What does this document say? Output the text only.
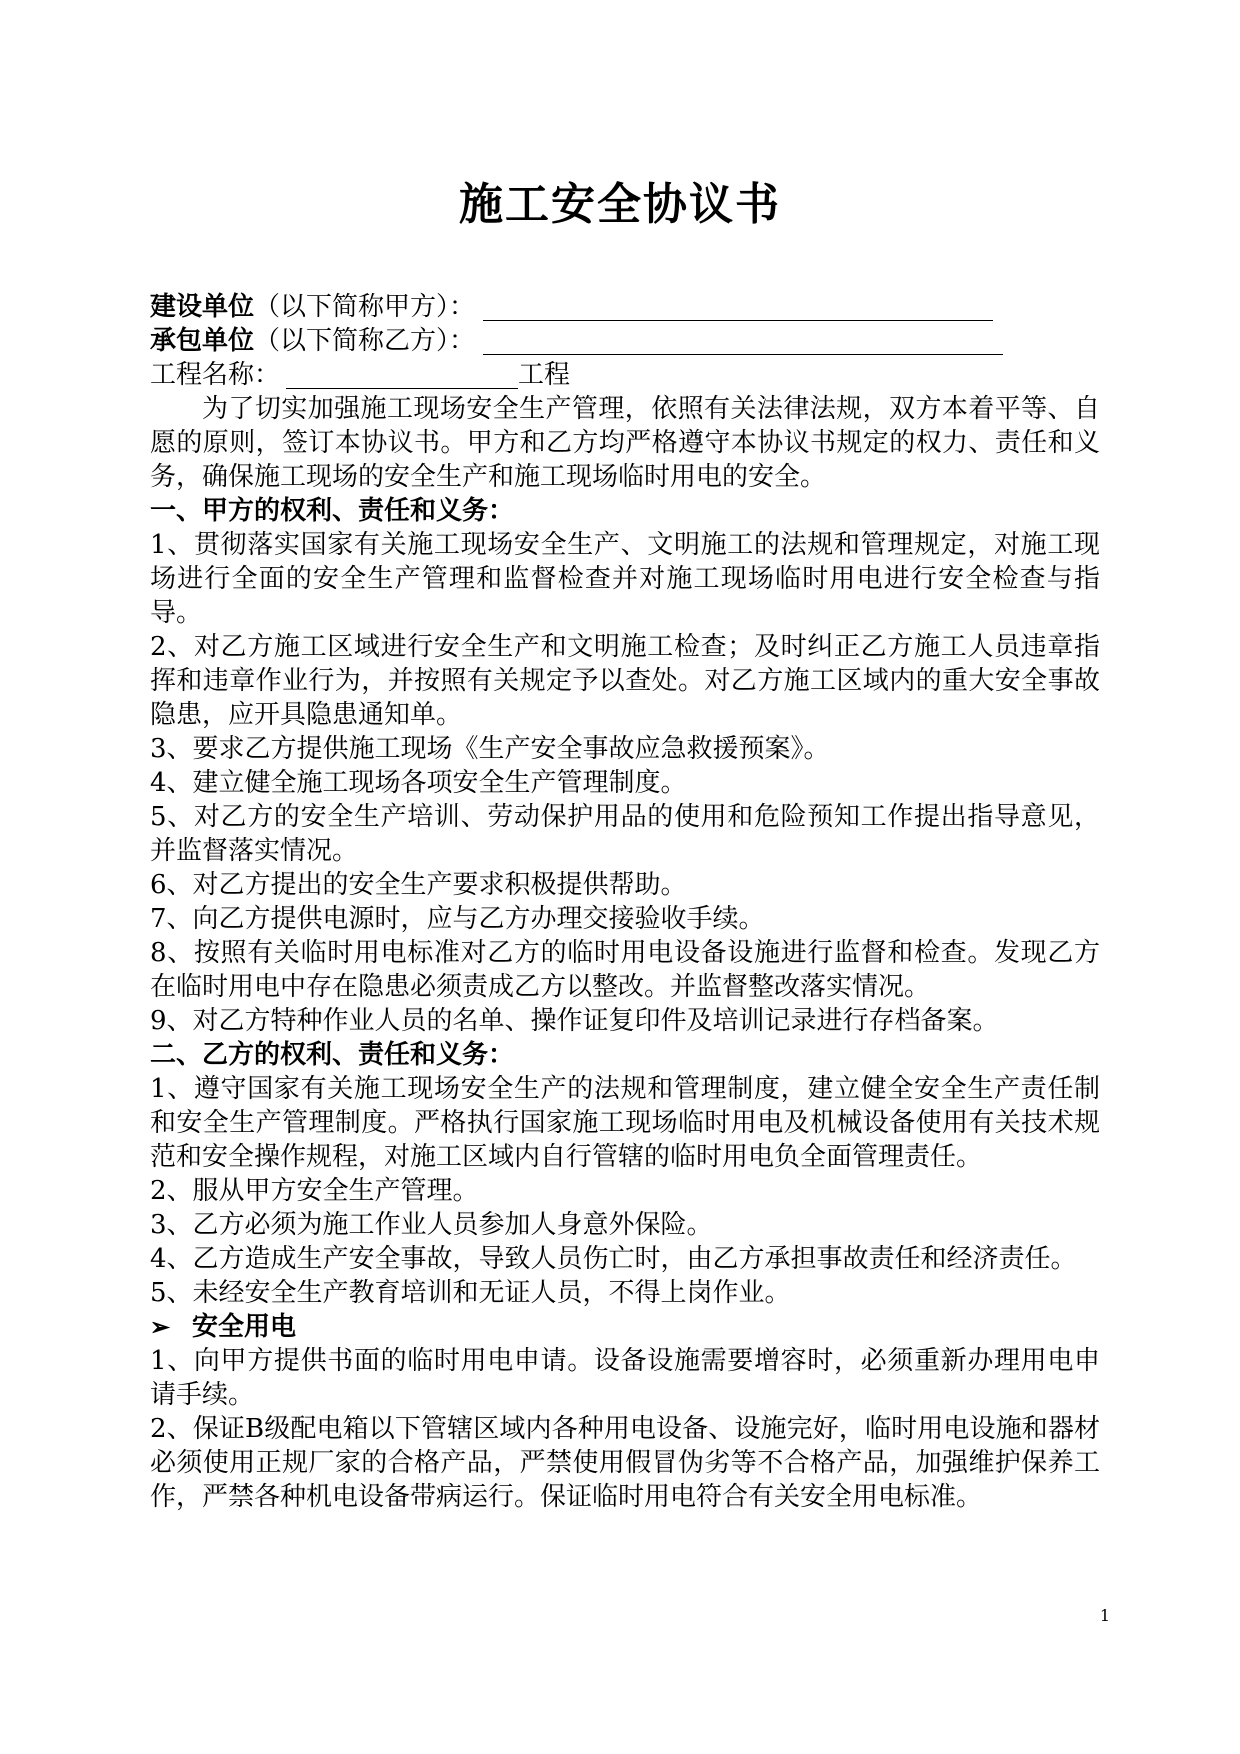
施工安全协议书
建设单位（以下简称甲方）：
承包单位（以下简称乙方）：
工程名称：	工程

为了切实加强施工现场安全生产管理，依照有关法律法规，双方本着平等、自愿的原则，签订本协议书。甲方和乙方均严格遵守本协议书规定的权力、责任和义务，确保施工现场的安全生产和施工现场临时用电的安全。

一、甲方的权利、责任和义务：

1、贯彻落实国家有关施工现场安全生产、文明施工的法规和管理规定，对施工现场进行全面的安全生产管理和监督检查并对施工现场临时用电进行安全检查与指导。

2、对乙方施工区域进行安全生产和文明施工检查；及时纠正乙方施工人员违章指挥和违章作业行为，并按照有关规定予以查处。对乙方施工区域内的重大安全事故隐患，应开具隐患通知单。

3、要求乙方提供施工现场《生产安全事故应急救援预案》。

4、建立健全施工现场各项安全生产管理制度。

5、对乙方的安全生产培训、劳动保护用品的使用和危险预知工作提出指导意见，并监督落实情况。

6、对乙方提出的安全生产要求积极提供帮助。

7、向乙方提供电源时，应与乙方办理交接验收手续。

8、按照有关临时用电标准对乙方的临时用电设备设施进行监督和检查。发现乙方在临时用电中存在隐患必须责成乙方以整改。并监督整改落实情况。

9、对乙方特种作业人员的名单、操作证复印件及培训记录进行存档备案。

二、乙方的权利、责任和义务：

1、遵守国家有关施工现场安全生产的法规和管理制度，建立健全安全生产责任制和安全生产管理制度。严格执行国家施工现场临时用电及机械设备使用有关技术规范和安全操作规程，对施工区域内自行管辖的临时用电负全面管理责任。

2、服从甲方安全生产管理。

3、乙方必须为施工作业人员参加人身意外保险。

4、乙方造成生产安全事故，导致人员伤亡时，由乙方承担事故责任和经济责任。

5、未经安全生产教育培训和无证人员，不得上岗作业。

➢ 安全用电

1、向甲方提供书面的临时用电申请。设备设施需要增容时，必须重新办理用电申请手续。

2、保证B级配电箱以下管辖区域内各种用电设备、设施完好，临时用电设施和器材必须使用正规厂家的合格产品，严禁使用假冒伪劣等不合格产品，加强维护保养工作，严禁各种机电设备带病运行。保证临时用电符合有关安全用电标准。

1
